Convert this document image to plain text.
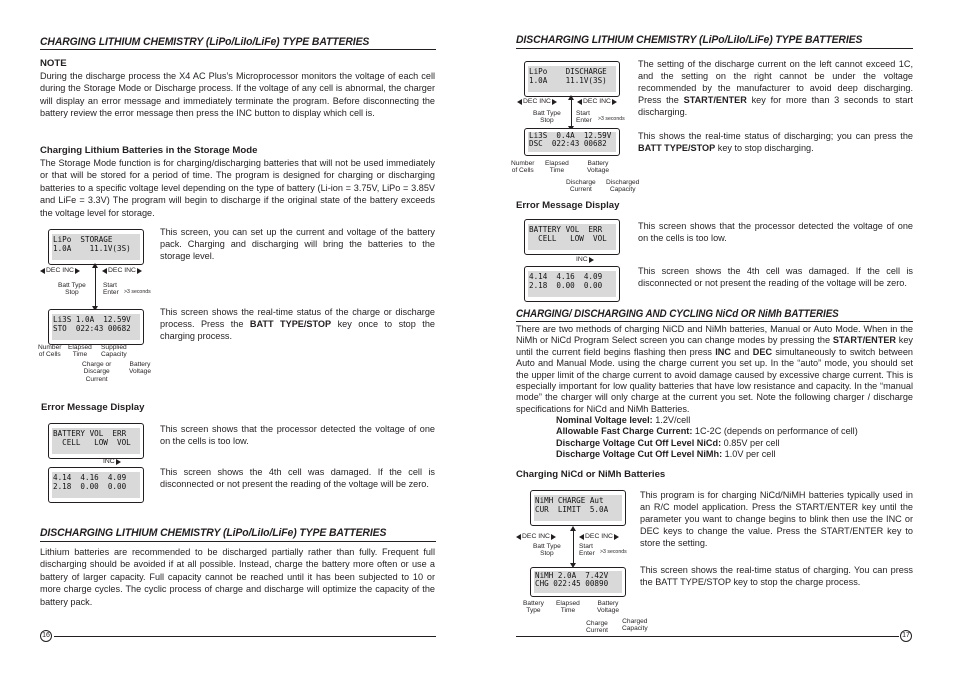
CHARGING LITHIUM CHEMISTRY (LiPo/LiIo/LiFe) TYPE BATTERIES
NOTE
During the discharge process the X4 AC Plus’s Microprocessor monitors the voltage of each cell during the Storage Mode or Discharge process. If the voltage of any cell is abnormal, the charger will display an error message and immediately terminate the program. Before disconnecting the battery review the error message then press the INC button to display which cell is.
Charging Lithium Batteries in the Storage Mode
The Storage Mode function is for charging/discharging batteries that will not be used immediately or that will be stored for a period of time. The program is designed for charging or discharging batteries to a specific voltage level depending on the type of battery (Li-ion = 3.75V, LiPo = 3.85V and LiFe = 3.3V) The program will begin to discharge if the original state of the battery exceeds the voltage level for storage.
LiPo  STORAGE
1.0A    11.1V(3S)
This screen, you can set up the current and voltage of the battery pack. Charging and discharging will bring the batteries to the storage level.
DEC INC	DEC INC
Batt Type
Stop
Start
Enter >3 seconds
Li3S 1.0A  12.59V
STO  022:43 00682
This screen shows the real-time status of the charge or discharge process. Press the BATT TYPE/STOP key once to stop the charging process.
Number
of Cells
Elapsed
Time
Supplied
Capacity
Charge or
Discarge
Current
Battery
Voltage
Error Message Display
BATTERY VOL  ERR
CELL   LOW  VOL
This screen shows that the processor detected the voltage of one on the cells is too low.
INC
4.14  4.16  4.09
2.18  0.00  0.00
This screen shows the 4th cell was damaged. If the cell is disconnected or not present the reading of the voltage will be zero.
DISCHARGING LITHIUM CHEMISTRY (LiPo/LiIo/LiFe) TYPE BATTERIES
Lithium batteries are recommended to be discharged partially rather than fully. Frequent full discharging should be avoided if at all possible. Instead, charge the battery more often or use a battery of larger capacity. Full capacity cannot be reached until it has been subjected to 10 or more charge cycles. The cyclic process of charge and discharge will optimize the capacity of the battery pack.
16
DISCHARGING LITHIUM CHEMISTRY (LiPo/LiIo/LiFe) TYPE BATTERIES
LiPo    DISCHARGE
1.0A    11.1V(3S)
The setting of the discharge current on the left cannot exceed 1C, and the setting on the right cannot be under the voltage recommended by the manufacturer to avoid deep discharging. Press the START/ENTER key for more than 3 seconds to start discharging.
DEC INC	DEC INC
Batt Type
Stop
Start
Enter >3 seconds
Li3S  0.4A  12.59V
DSC  022:43 00682
This shows the real-time status of discharging; you can press the BATT TYPE/STOP key to stop discharging.
Number
of Cells
Elapsed
Time
Battery
Voltage
Discharge
Current
Discharged
Capacity
Error Message Display
BATTERY VOL  ERR
CELL   LOW  VOL
This screen shows that the processor detected the voltage of one on the cells is too low.
INC
4.14  4.16  4.09
2.18  0.00  0.00
This screen shows the 4th cell was damaged. If the cell is disconnected or not present the reading of the voltage will be zero.
CHARGING/ DISCHARGING AND CYCLING NiCd OR NiMh BATTERIES
There are two methods of charging NiCD and NiMh batteries, Manual or Auto Mode. When in the NiMh or NiCd Program Select screen you can change modes by pressing the START/ENTER key until the current field begins flashing then press INC and DEC simultaneously to switch between Auto and Manual Mode. using the charge current you set up. In the “auto” mode, you should set the upper limit of the charge current to avoid damage caused by excessive charge current. This is especially important for low quality batteries that have low resistance and capacity. In the “manual mode” the charger will only charge at the current you set. Note the following charger / discharge specifications for NiCd and NiMh Batteries.
Nominal Voltage level: 1.2V/cell
Allowable Fast Charge Current: 1C-2C (depends on performance of cell)
Discharge Voltage Cut Off Level NiCd: 0.85V per cell
Discharge Voltage Cut Off Level NiMh: 1.0V per cell
Charging NiCd or NiMh Batteries
NiMH CHARGE Aut
CUR  LIMIT  5.0A
This program is for charging NiCd/NiMH batteries typically used in an R/C model application. Press the START/ENTER key until the parameter you want to change begins to blink then use the INC or DEC keys to change the value. Press the START/ENTER key to store the setting.
DEC INC	DEC INC
Batt Type
Stop
Start
Enter >3 seconds
NiMH 2.0A  7.42V
CHG 022:45 00890
This screen shows the real-time status of charging. You can press the BATT TYPE/STOP key to stop the charge process.
Battery
Type
Elapsed
Time
Battery
Voltage
Charge
Current
Charged
Capacity
17
